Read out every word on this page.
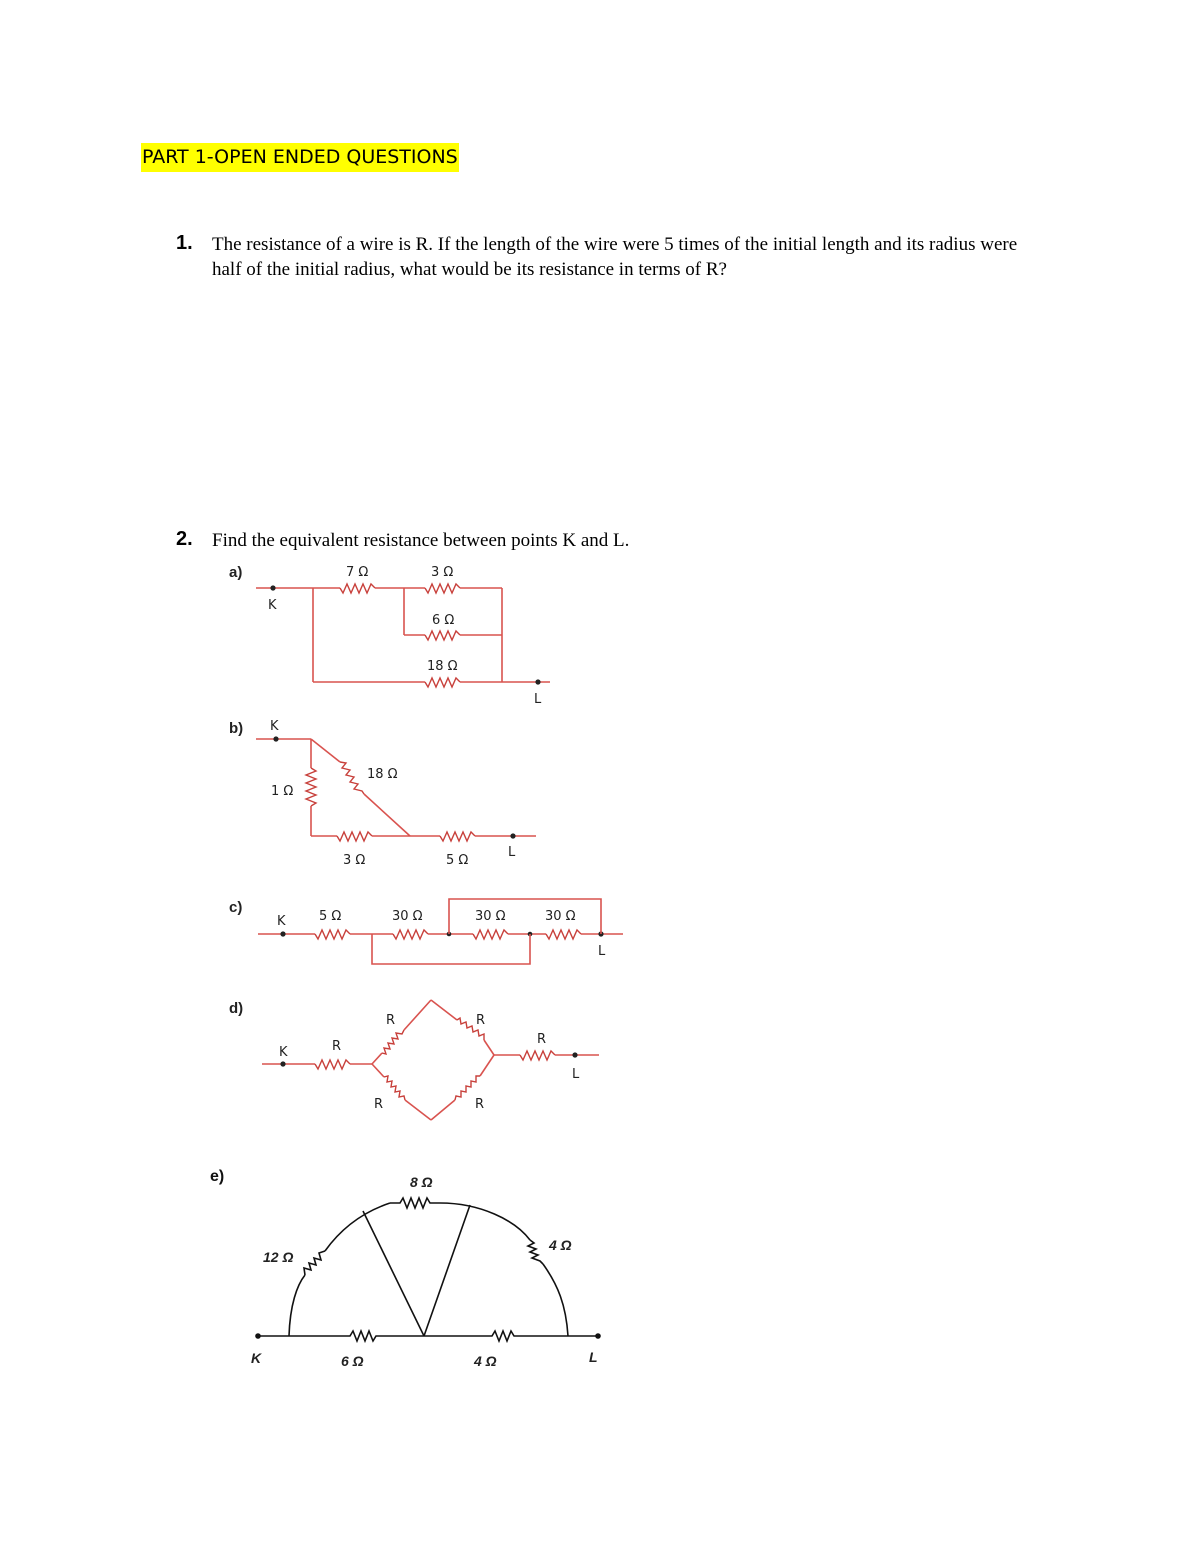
PART 1-OPEN ENDED QUESTIONS
1. The resistance of a wire is R. If the length of the wire were 5 times of the initial length and its radius were
half of the initial radius, what would be its resistance in terms of R?

2. Find the equivalent resistance between points K and L.

a)
K
7 Ω	3 Ω
6 Ω
18 Ω
L
b) K
1 Ω
18 Ω
3 Ω	5 Ω
L
c)
K	5 Ω	30 Ω	30 Ω	30 Ω
L
d)
K	R
R	R
R	R
R
L
e)
K	6 Ω	4 Ω	L
12 Ω
8 Ω
4 Ω
